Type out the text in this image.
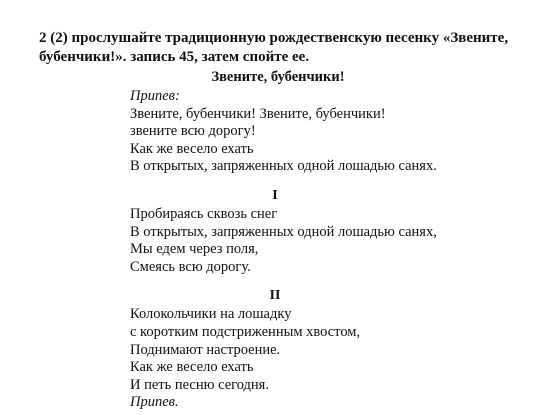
2 (2) прослушайте традиционную рождественскую песенку «Звените,
бубенчики!». запись 45, затем спойте ее.
Звените, бубенчики!
Припев:
Звените, бубенчики! Звените, бубенчики!
звените всю дорогу!
Как же весело ехать
В открытых, запряженных одной лошадью санях.
I
Пробираясь сквозь снег
В открытых, запряженных одной лошадью санях,
Мы едем через поля,
Смеясь всю дорогу.
II
Колокольчики на лошадку
с коротким подстриженным хвостом,
Поднимают настроение.
Как же весело ехать
И петь песню сегодня.
Припев.
